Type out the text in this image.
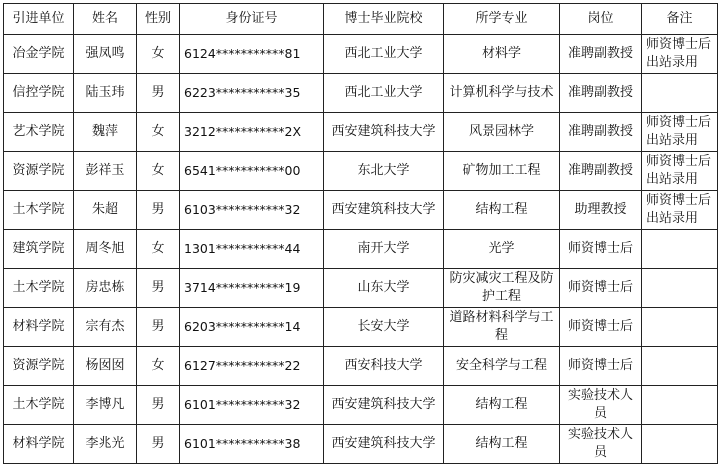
引进单位	姓名	性别	身份证号	博士毕业院校	所学专业	岗位	备注
冶金学院	强凤鸣	女	6124***********81	西北工业大学	材料学	准聘副教授	师资博士后出站录用
信控学院	陆玉玮	男	6223***********35	西北工业大学	计算机科学与技术	准聘副教授	
艺术学院	魏萍	女	3212***********2X	西安建筑科技大学	风景园林学	准聘副教授	师资博士后出站录用
资源学院	彭祥玉	女	6541***********00	东北大学	矿物加工工程	准聘副教授	师资博士后出站录用
土木学院	朱超	男	6103***********32	西安建筑科技大学	结构工程	助理教授	师资博士后出站录用
建筑学院	周冬旭	女	1301***********44	南开大学	光学	师资博士后	
土木学院	房忠栋	男	3714***********19	山东大学	防灾减灾工程及防护工程	师资博士后	
材料学院	宗有杰	男	6203***********14	长安大学	道路材料科学与工程	师资博士后	
资源学院	杨囡囡	女	6127***********22	西安科技大学	安全科学与工程	师资博士后	
土木学院	李博凡	男	6101***********32	西安建筑科技大学	结构工程	实验技术人员	
材料学院	李兆光	男	6101***********38	西安建筑科技大学	结构工程	实验技术人员	
